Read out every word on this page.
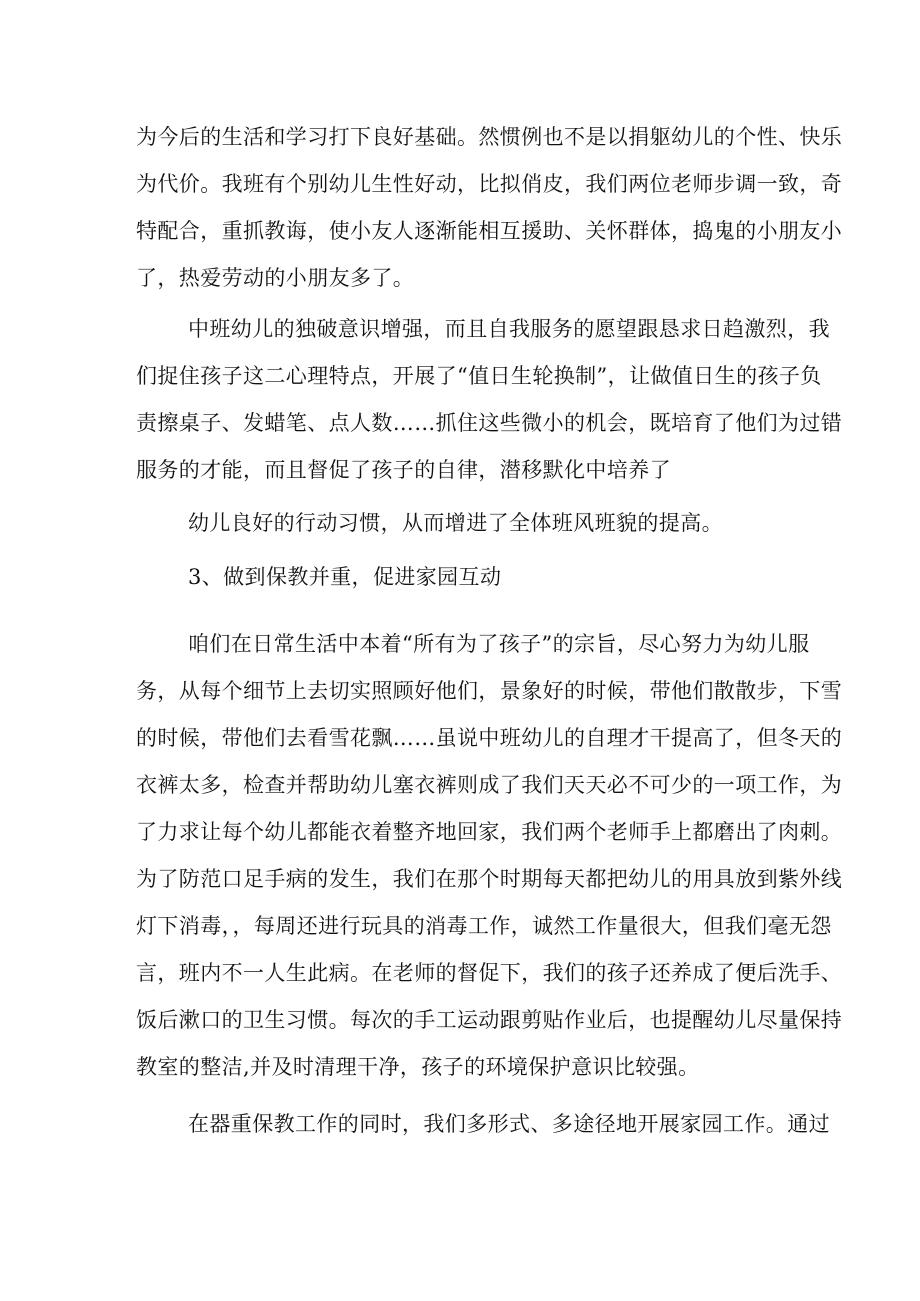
为今后的生活和学习打下良好基础。然惯例也不是以捐躯幼儿的个性、快乐
为代价。我班有个别幼儿生性好动，比拟俏皮，我们两位老师步调一致，奇
特配合，重抓教诲，使小友人逐渐能相互援助、关怀群体，捣鬼的小朋友小
了，热爱劳动的小朋友多了。
中班幼儿的独破意识增强，而且自我服务的愿望跟恳求日趋激烈，我
们捉住孩子这二心理特点，开展了“值日生轮换制”，让做值日生的孩子负
责擦桌子、发蜡笔、点人数……抓住这些微小的机会，既培育了他们为过错
服务的才能，而且督促了孩子的自律，潜移默化中培养了
幼儿良好的行动习惯，从而增进了全体班风班貌的提高。
3、做到保教并重，促进家园互动
咱们在日常生活中本着“所有为了孩子”的宗旨，尽心努力为幼儿服
务，从每个细节上去切实照顾好他们，景象好的时候，带他们散散步，下雪
的时候，带他们去看雪花飘……虽说中班幼儿的自理才干提高了，但冬天的
衣裤太多，检查并帮助幼儿塞衣裤则成了我们天天必不可少的一项工作，为
了力求让每个幼儿都能衣着整齐地回家，我们两个老师手上都磨出了肉刺。
为了防范口足手病的发生，我们在那个时期每天都把幼儿的用具放到紫外线
灯下消毒，，每周还进行玩具的消毒工作，诚然工作量很大，但我们毫无怨
言，班内不一人生此病。在老师的督促下，我们的孩子还养成了便后洗手、
饭后漱口的卫生习惯。每次的手工运动跟剪贴作业后，也提醒幼儿尽量保持
教室的整洁,并及时清理干净，孩子的环境保护意识比较强。
在器重保教工作的同时，我们多形式、多途径地开展家园工作。通过
